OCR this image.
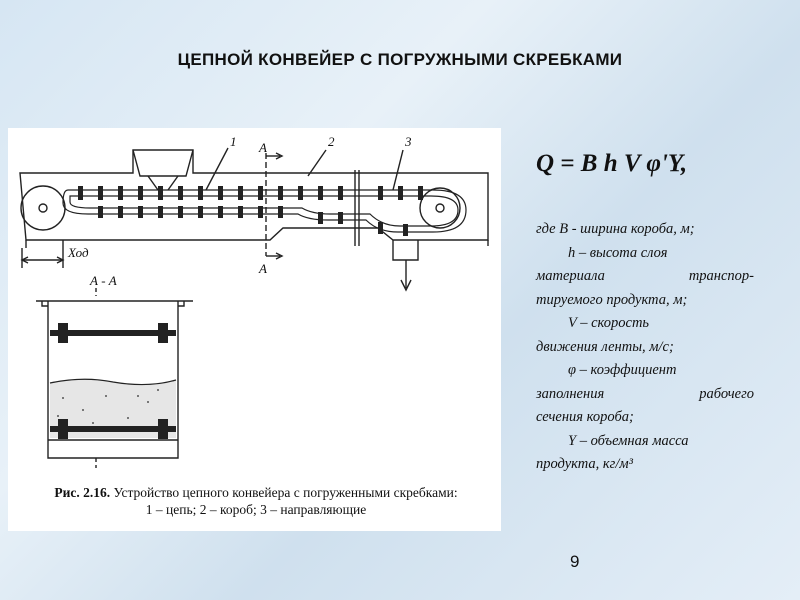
ЦЕПНОЙ КОНВЕЙЕР С ПОГРУЖНЫМИ СКРЕБКАМИ
1 А	2	3
А
Ход
А - А
Рис. 2.16. Устройство цепного конвейера с погруженными скребками:
1 – цепь; 2 – короб; 3 – направляющие
Q = B h V φ'Υ,

где В - ширина короба, м;

h – высота слоя

материала транспор-

тируемого продукта, м;

V – скорость

движения ленты, м/с;

φ – коэффициент

заполнения рабочего

сечения короба;

Υ – объемная масса

продукта, кг/м³

9
